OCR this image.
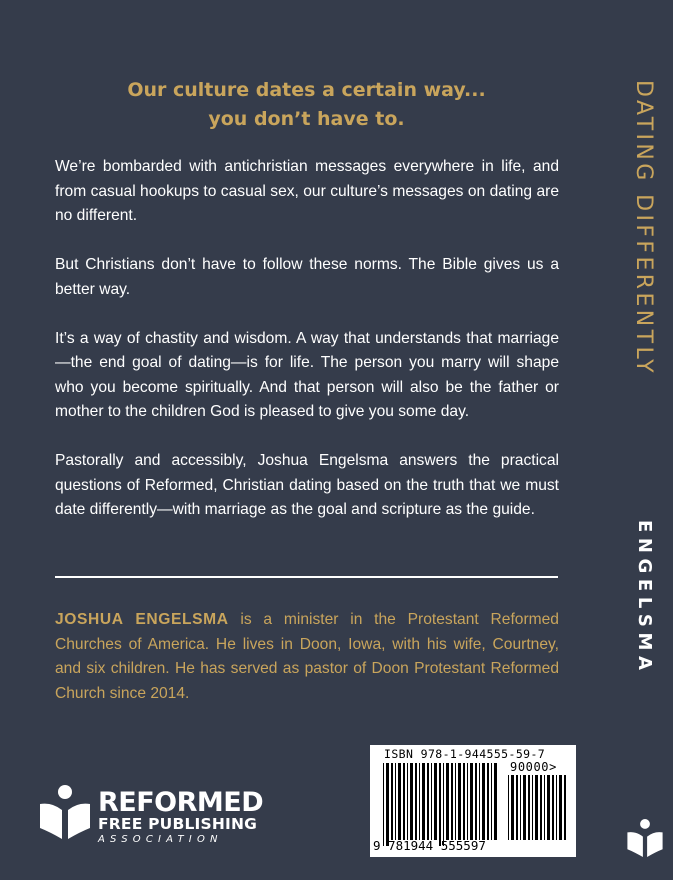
Our culture dates a certain way...
you don’t have to.

We’re bombarded with antichristian messages everywhere in life, and from casual hookups to casual sex, our culture’s messages on dating are no different.

But Christians don’t have to follow these norms. The Bible gives us a better way.

It’s a way of chastity and wisdom. A way that understands that marriage—the end goal of dating—is for life. The person you marry will shape who you become spiritually. And that person will also be the father or mother to the children God is pleased to give you some day.

Pastorally and accessibly, Joshua Engelsma answers the practical questions of Reformed, Christian dating based on the truth that we must date differently—with marriage as the goal and scripture as the guide.

JOSHUA ENGELSMA is a minister in the Protestant Reformed Churches of America. He lives in Doon, Iowa, with his wife, Courtney, and six children. He has served as pastor of Doon Protestant Reformed Church since 2014.

DATING DIFFERENTLY
ENGELSMA
REFORMED
FREE PUBLISHING
ASSOCIATION
ISBN 978-1-944555-59-7
90000>
9 781944 555597
